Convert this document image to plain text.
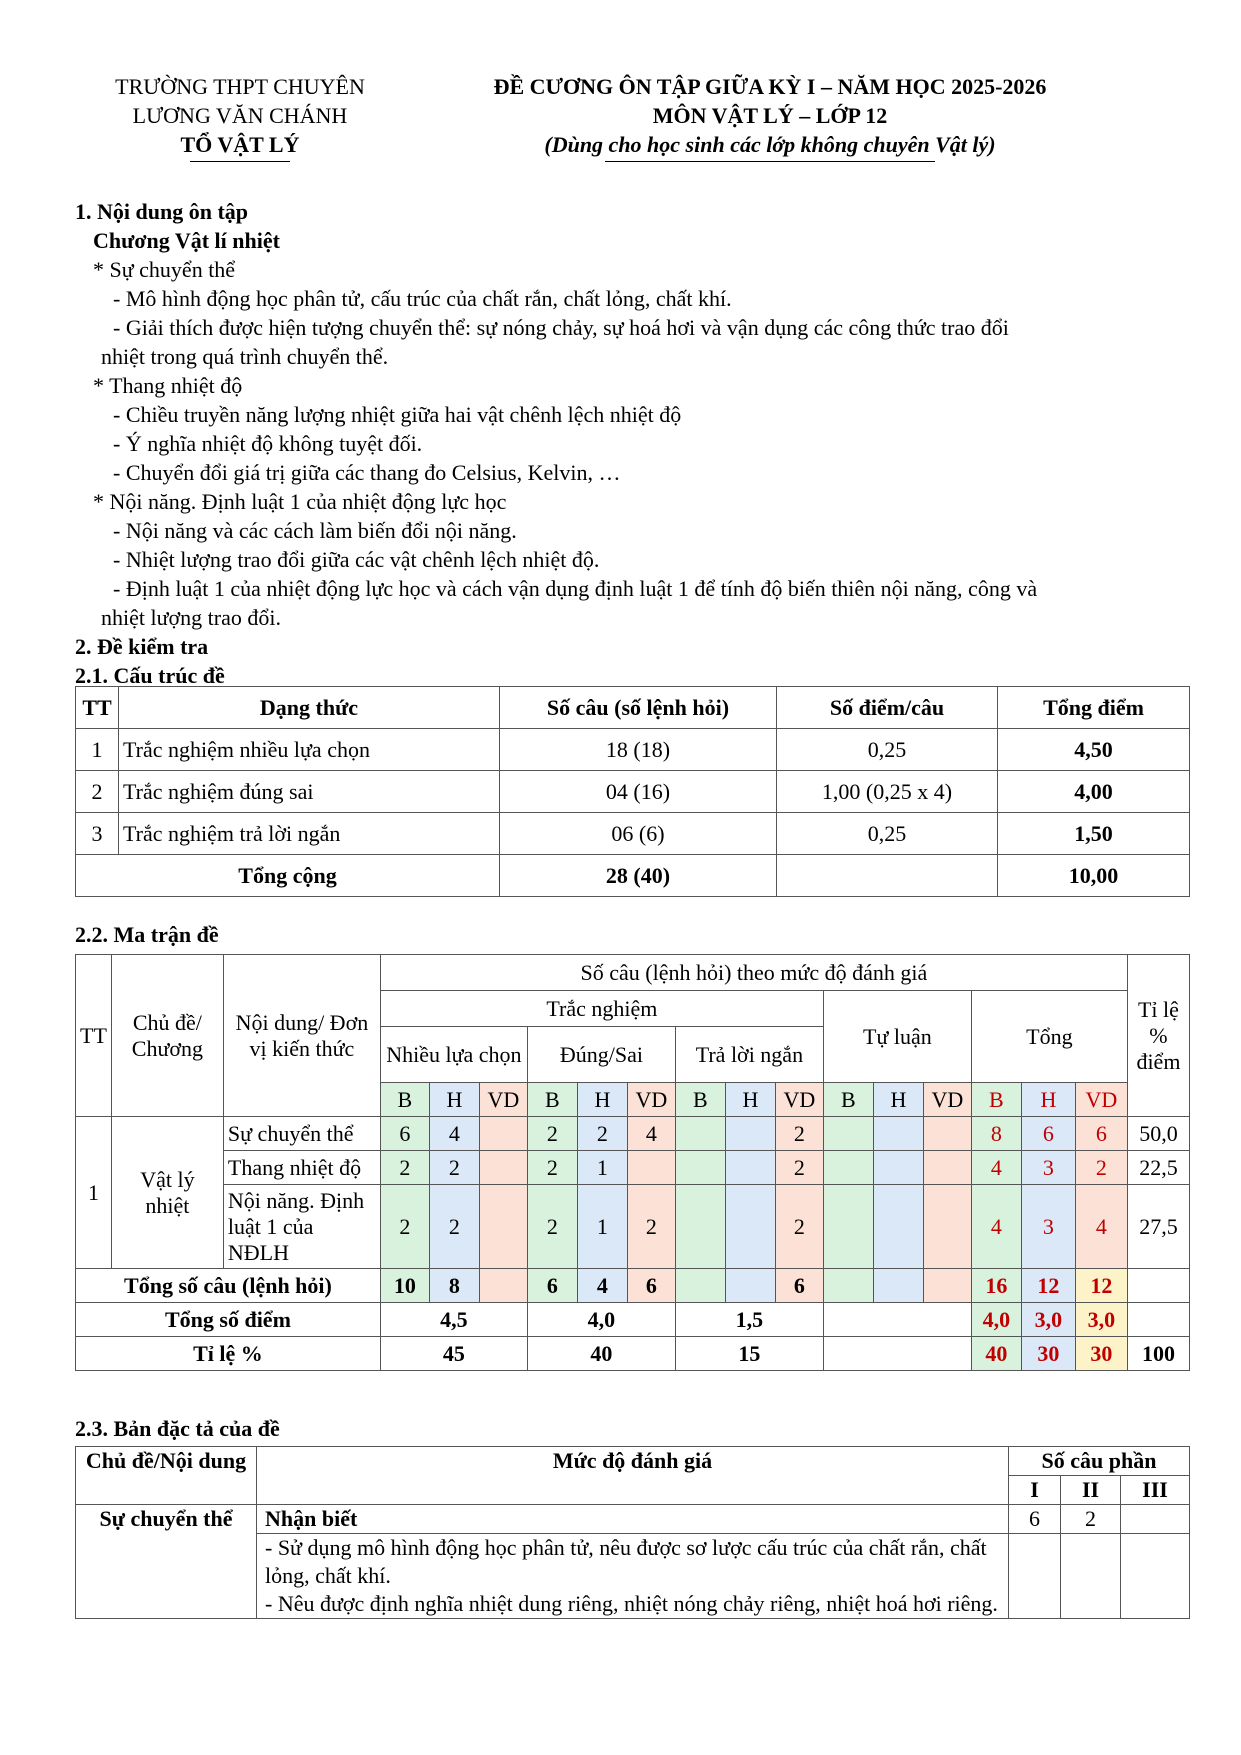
TRƯỜNG THPT CHUYÊN
LƯƠNG VĂN CHÁNH
TỔ VẬT LÝ
ĐỀ CƯƠNG ÔN TẬP GIỮA KỲ I – NĂM HỌC 2025-2026
MÔN VẬT LÝ – LỚP 12
(Dùng cho học sinh các lớp không chuyên Vật lý)

1. Nội dung ôn tập

Chương Vật lí nhiệt

* Sự chuyển thể

- Mô hình động học phân tử, cấu trúc của chất rắn, chất lỏng, chất khí.

- Giải thích được hiện tượng chuyển thể: sự nóng chảy, sự hoá hơi và vận dụng các công thức trao đổi

nhiệt trong quá trình chuyển thể.

* Thang nhiệt độ

- Chiều truyền năng lượng nhiệt giữa hai vật chênh lệch nhiệt độ

- Ý nghĩa nhiệt độ không tuyệt đối.

- Chuyển đổi giá trị giữa các thang đo Celsius, Kelvin, …

* Nội năng. Định luật 1 của nhiệt động lực học

- Nội năng và các cách làm biến đổi nội năng.

- Nhiệt lượng trao đổi giữa các vật chênh lệch nhiệt độ.

- Định luật 1 của nhiệt động lực học và cách vận dụng định luật 1 để tính độ biến thiên nội năng, công và

nhiệt lượng trao đổi.

2. Đề kiểm tra

2.1. Cấu trúc đề

TT	Dạng thức	Số câu (số lệnh hỏi)	Số điểm/câu	Tổng điểm
1	Trắc nghiệm nhiều lựa chọn	18 (18)	0,25	4,50
2	Trắc nghiệm đúng sai	04 (16)	1,00 (0,25 x 4)	4,00
3	Trắc nghiệm trả lời ngắn	06 (6)	0,25	1,50
Tổng cộng		28 (40)		10,00
2.2. Ma trận đề
TT	Chủ đề/ Chương	Nội dung/ Đơn vị kiến thức	Số câu (lệnh hỏi) theo mức độ đánh giá															Tỉ lệ % điểm
			Trắc nghiệm									Tự luận			Tổng			
			Nhiều lựa chọn			Đúng/Sai			Trả lời ngắn									
			B	H	VD	B	H	VD	B	H	VD	B	H	VD	B	H	VD	
1	Vật lý nhiệt	Sự chuyển thể	6	4		2	2	4			2				8	6	6	50,0
		Thang nhiệt độ	2	2		2	1				2				4	3	2	22,5
		Nội năng. Định luật 1 của NĐLH	2	2		2	1	2			2				4	3	4	27,5
Tổng số câu (lệnh hỏi)			10	8		6	4	6			6				16	12	12	
Tổng số điểm			4,5			4,0			1,5						4,0	3,0	3,0	
Tỉ lệ %			45			40			15						40	30	30	100
2.3. Bản đặc tả của đề
Chủ đề/Nội dung	Mức độ đánh giá	Số câu phần		
		I	II	III
Sự chuyển thể	Nhận biết	6	2	

	- Sử dụng mô hình động học phân tử, nêu được sơ lược cấu trúc của chất rắn, chất lỏng, chất khí.
- Nêu được định nghĩa nhiệt dung riêng, nhiệt nóng chảy riêng, nhiệt hoá hơi riêng.			
